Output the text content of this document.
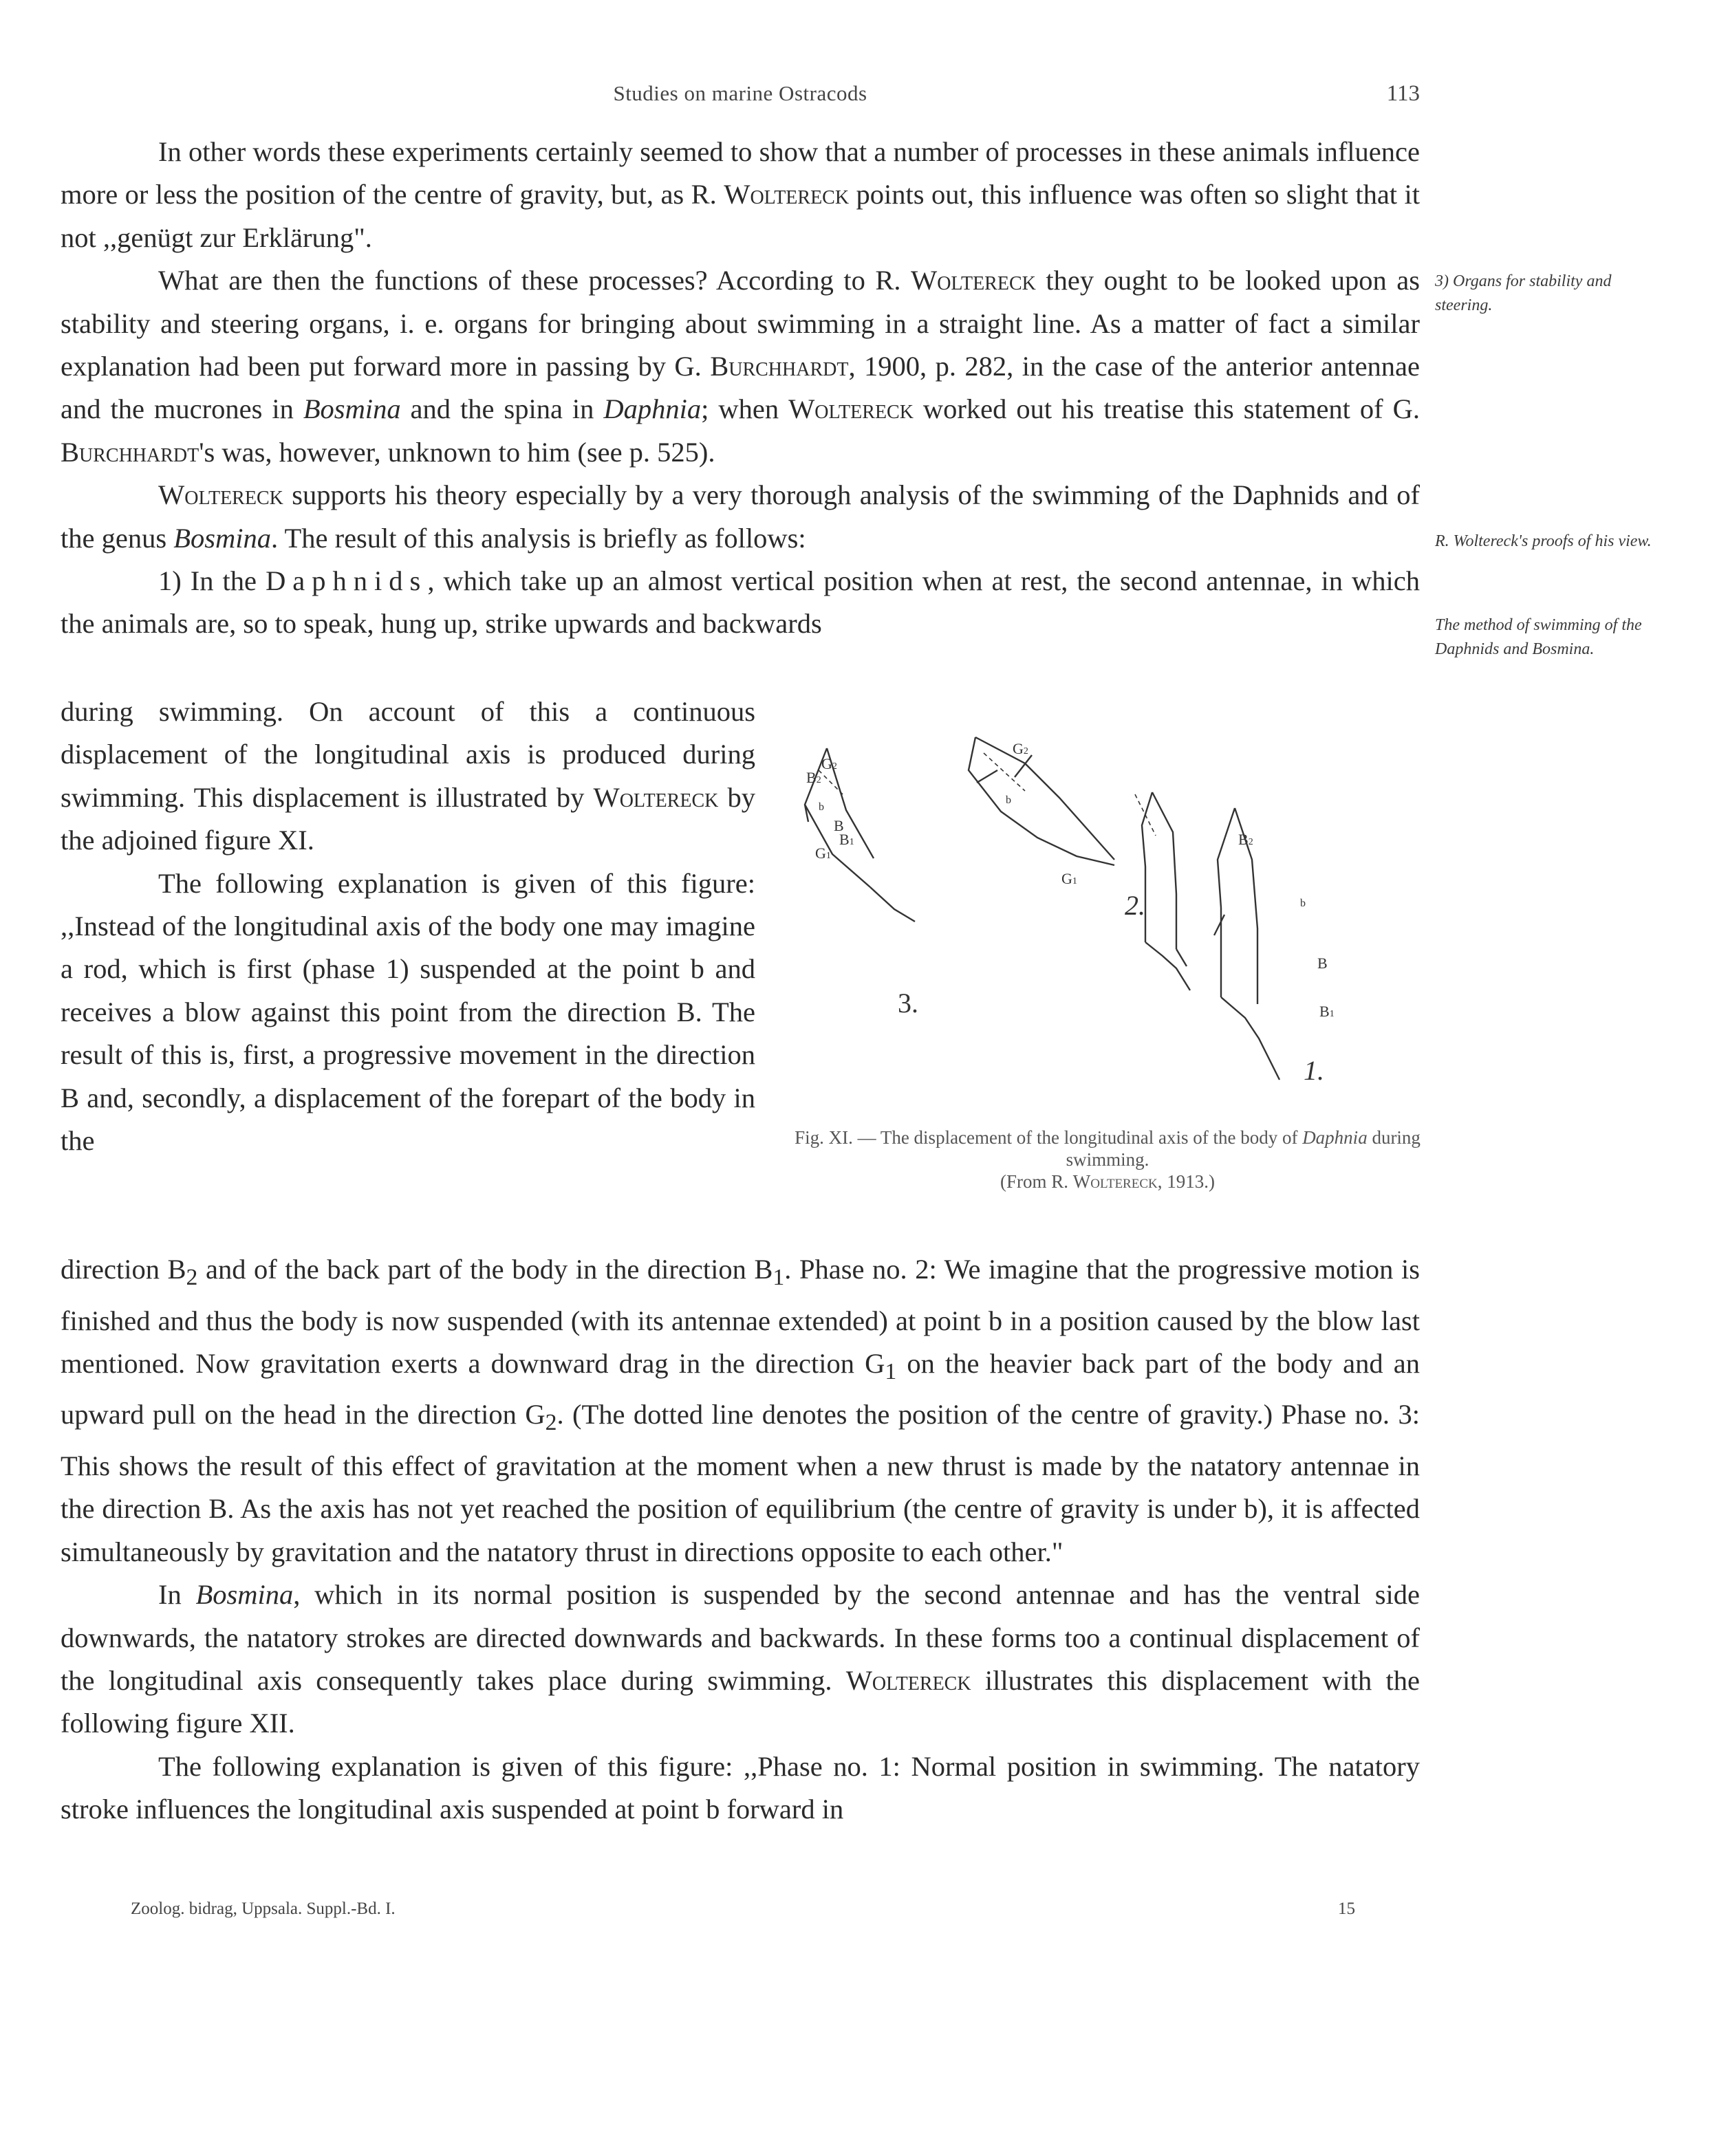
Studies on marine Ostracods	113

In other words these experiments certainly seemed to show that a number of processes in these animals influence more or less the position of the centre of gravity, but, as R. Woltereck points out, this influence was often so slight that it not ,,genügt zur Erklärung".

What are then the functions of these processes? According to R. Woltereck they ought to be looked upon as stability and steering organs, i. e. organs for bringing about swimming in a straight line. As a matter of fact a similar explanation had been put forward more in passing by G. Burchhardt, 1900, p. 282, in the case of the anterior antennae and the mucrones in Bosmina and the spina in Daphnia; when Woltereck worked out his treatise this statement of G. Burchhardt's was, however, unknown to him (see p. 525).

Woltereck supports his theory especially by a very thorough analysis of the swimming of the Daphnids and of the genus Bosmina. The result of this analysis is briefly as follows:

1) In the Daphnids, which take up an almost vertical position when at rest, the second antennae, in which the animals are, so to speak, hung up, strike upwards and backwards

during swimming. On account of this a continuous displacement of the longitudinal axis is produced during swimming. This displacement is illustrated by Woltereck by the adjoined figure XI.

The following explanation is given of this figure: ,,Instead of the longitudinal axis of the body one may imagine a rod, which is first (phase 1) suspended at the point b and receives a blow against this point from the direction B. The result of this is, first, a progressive movement in the direction B and, secondly, a displacement of the forepart of the body in the

direction $B_2$ and of the back part of the body in the direction $B_1$. Phase no. 2: We imagine that the progressive motion is finished and thus the body is now suspended (with its antennae extended) at point b in a position caused by the blow last mentioned. Now gravitation exerts a downward drag in the direction $G_1$ on the heavier back part of the body and an upward pull on the head in the direction $G_2$. (The dotted line denotes the position of the centre of gravity.) Phase no. 3: This shows the result of this effect of gravitation at the moment when a new thrust is made by the natatory antennae in the direction B. As the axis has not yet reached the position of equilibrium (the centre of gravity is under b), it is affected simultaneously by gravitation and the natatory thrust in directions opposite to each other."

In Bosmina, which in its normal position is suspended by the second antennae and has the ventral side downwards, the natatory strokes are directed downwards and backwards. In these forms too a continual displacement of the longitudinal axis consequently takes place during swimming. Woltereck illustrates this displacement with the following figure XII.

The following explanation is given of this figure: ,,Phase no. 1: Normal position in swimming. The natatory stroke influences the longitudinal axis suspended at point b forward in

3) Organs for stability and steering.
R. Woltereck's proofs of his view.
The method of swimming of the Daphnids and Bosmina.
G2
B2
b
B
G1
B1
3.
G2
b
G1
2.
B2
b
B
B1
1.
Fig. XI. — The displacement of the longitudinal axis of the body of Daphnia during swimming.
(From R. Woltereck, 1913.)
Zoolog. bidrag, Uppsala. Suppl.-Bd. I.	15
